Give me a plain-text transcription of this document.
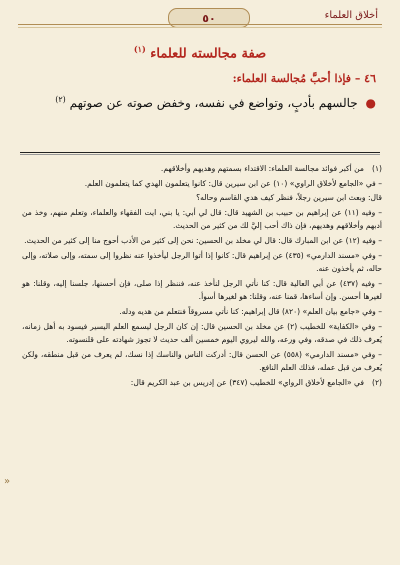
أخلاق العلماء
٥٠
صفة مجالسته للعلماء $^{(١)}$
٤٦ – فإذا أحبَّ مُجالسة العلماء:
● جالسهم بأدبٍ، وتواضع في نفسه، وخفض صوته عن صوتهم $^{(٢)}$

(١)من أكبر فوائد مجالسة العلماء: الاقتداء بسمتهم وهديهم وأخلاقهم.

– في «الجامع لأخلاق الراوي» (١٠) عن ابن سيرين قال: كانوا يتعلمون الهدي كما يتعلمون العلم.

قال: وبعث ابن سيرين رجلاً، فنظر كيف هدي القاسم وحاله؟

– وفيه (١١) عن إبراهيم بن حبيب بن الشهيد قال: قال لي أبي: يا بني، ايت الفقهاء والعلماء، وتعلم منهم، وخذ من أدبهم وأخلاقهم وهديهم، فإن ذاك أحب إليَّ لك من كثير من الحديث.

– وفيه (١٢) عن ابن المبارك قال: قال لي مخلد بن الحسين: نحن إلى كثير من الأدب أحوج منا إلى كثير من الحديث.

– وفي «مسند الدارمي» (٤٣٥) عن إبراهيم قال: كانوا إذا أتوا الرجل ليأخذوا عنه نظروا إلى سمته، وإلى صلاته، وإلى حاله، ثم يأخذون عنه.

– وفيه (٤٣٧) عن أبي العالية قال: كنا نأتي الرجل لنأخذ عنه، فننظر إذا صلى، فإن أحسنها، جلسنا إليه، وقلنا: هو لغيرها أحسن. وإن أساءها، قمنا عنه، وقلنا: هو لغيرها أسوأ.

– وفي «جامع بيان العلم» (٨٢٠) قال إبراهيم: كنا نأتي مسروقاً فنتعلم من هديه ودله.

– وفي «الكفاية» للخطيب (٢) عن مخلد بن الحسين قال: إن كان الرجل ليسمع العلم اليسير فيسود به أهل زمانه، يُعرف ذلك في صدقه، وفي ورعه، والله ليروي اليوم خمسين ألف حديث لا تجوز شهادته على قلنسوته.

– وفي «مسند الدارمي» (٥٥٨) عن الحسن قال: أدركت الناس والناسك إذا نسك، لم يعرف من قبل منطقه، ولكن يُعرف من قبل عمله، فذلك العلم النافع.

(٢)في «الجامع لأخلاق الرواي» للخطيب (٣٤٧) عن إدريس بن عبد الكريم قال:

«
